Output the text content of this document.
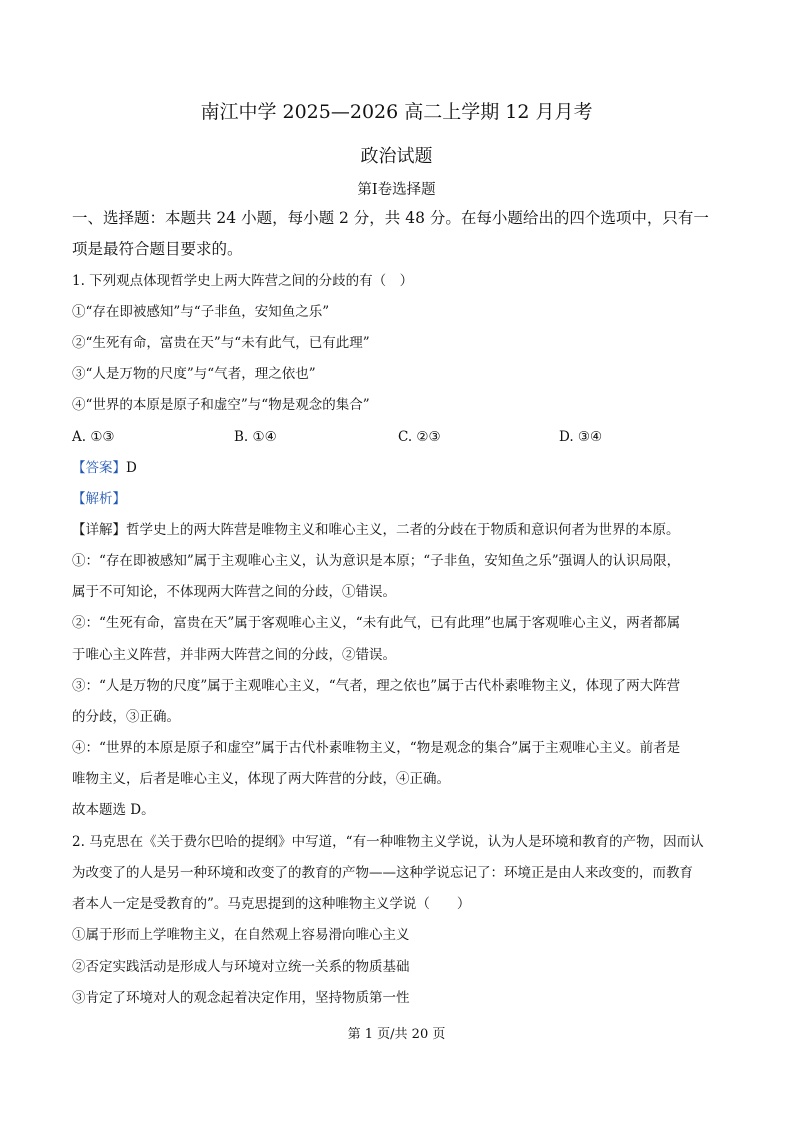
南江中学 2025—2026 高二上学期 12 月月考
政治试题
第Ⅰ卷选择题
一、选择题：本题共 24 小题，每小题 2 分，共 48 分。在每小题给出的四个选项中，只有一
项是最符合题目要求的。
1. 下列观点体现哲学史上两大阵营之间的分歧的有（　）
①“存在即被感知”与“子非鱼，安知鱼之乐”
②“生死有命，富贵在天”与“未有此气，已有此理”
③“人是万物的尺度”与“气者，理之依也”
④“世界的本原是原子和虚空”与“物是观念的集合”
A. ①③	B. ①④	C. ②③	D. ③④
【答案】D
【解析】
【详解】哲学史上的两大阵营是唯物主义和唯心主义，二者的分歧在于物质和意识何者为世界的本原。
①：“存在即被感知”属于主观唯心主义，认为意识是本原；“子非鱼，安知鱼之乐”强调人的认识局限，
属于不可知论，不体现两大阵营之间的分歧，①错误。
②：“生死有命，富贵在天”属于客观唯心主义，“未有此气，已有此理”也属于客观唯心主义，两者都属
于唯心主义阵营，并非两大阵营之间的分歧，②错误。
③：“人是万物的尺度”属于主观唯心主义，“气者，理之依也”属于古代朴素唯物主义，体现了两大阵营
的分歧，③正确。
④：“世界的本原是原子和虚空”属于古代朴素唯物主义，“物是观念的集合”属于主观唯心主义。前者是
唯物主义，后者是唯心主义，体现了两大阵营的分歧，④正确。
故本题选 D。
2. 马克思在《关于费尔巴哈的提纲》中写道，“有一种唯物主义学说，认为人是环境和教育的产物，因而认
为改变了的人是另一种环境和改变了的教育的产物——这种学说忘记了：环境正是由人来改变的，而教育
者本人一定是受教育的”。马克思提到的这种唯物主义学说（　　）
①属于形而上学唯物主义，在自然观上容易滑向唯心主义
②否定实践活动是形成人与环境对立统一关系的物质基础
③肯定了环境对人的观念起着决定作用，坚持物质第一性
第 1 页/共 20 页
